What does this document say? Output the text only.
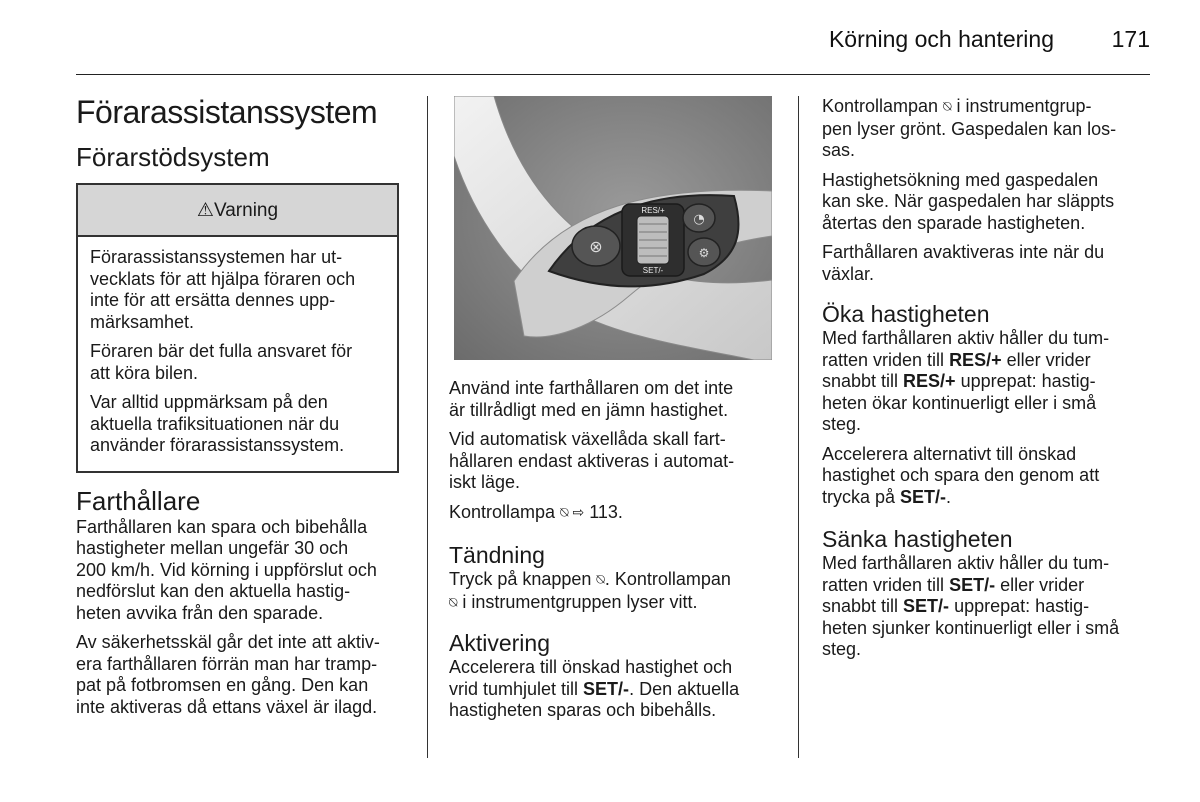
Körning och hantering	171
Förarassistanssystem
Förarstödsystem
⚠Varning

Förarassistanssystemen har ut-
vecklats för att hjälpa föraren och
inte för att ersätta dennes upp-
märksamhet.

Föraren bär det fulla ansvaret för
att köra bilen.

Var alltid uppmärksam på den
aktuella trafiksituationen när du
använder förarassistanssystem.

Farthållare

Farthållaren kan spara och bibehålla
hastigheter mellan ungefär 30 och
200 km/h. Vid körning i uppförslut och
nedförslut kan den aktuella hastig-
heten avvika från den sparade.

Av säkerhetsskäl går det inte att aktiv-
era farthållaren förrän man har tramp-
pat på fotbromsen en gång. Den kan
inte aktiveras då ettans växel är ilagd.

⊗
RES/+
SET/-
◔
⚙

Använd inte farthållaren om det inte
är tillrådligt med en jämn hastighet.

Vid automatisk växellåda skall fart-
hållaren endast aktiveras i automat-
iskt läge.

Kontrollampa ⍉ ⇨ 113.

Tändning

Tryck på knappen ⍉. Kontrollampan
⍉ i instrumentgruppen lyser vitt.

Aktivering

Accelerera till önskad hastighet och
vrid tumhjulet till SET/-. Den aktuella
hastigheten sparas och bibehålls.

Kontrollampan ⍉ i instrumentgrup-
pen lyser grönt. Gaspedalen kan los-
sas.

Hastighetsökning med gaspedalen
kan ske. När gaspedalen har släppts
återtas den sparade hastigheten.

Farthållaren avaktiveras inte när du
växlar.

Öka hastigheten

Med farthållaren aktiv håller du tum-
ratten vriden till RES/+ eller vrider
snabbt till RES/+ upprepat: hastig-
heten ökar kontinuerligt eller i små
steg.

Accelerera alternativt till önskad
hastighet och spara den genom att
trycka på SET/-.

Sänka hastigheten

Med farthållaren aktiv håller du tum-
ratten vriden till SET/- eller vrider
snabbt till SET/- upprepat: hastig-
heten sjunker kontinuerligt eller i små
steg.
